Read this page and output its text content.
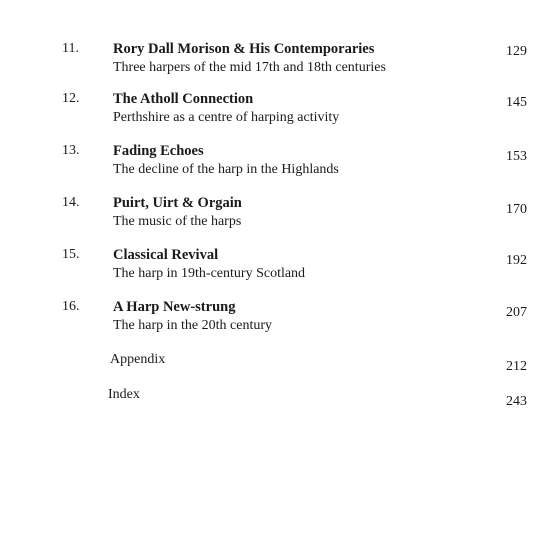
11. Rory Dall Morison & His Contemporaries
Three harpers of the mid 17th and 18th centuries
129
12. The Atholl Connection
Perthshire as a centre of harping activity
145
13. Fading Echoes
The decline of the harp in the Highlands
153
14. Puirt, Uirt & Orgain
The music of the harps
170
15. Classical Revival
The harp in 19th-century Scotland
192
16. A Harp New-strung
The harp in the 20th century
207
Appendix	212
Index	243
